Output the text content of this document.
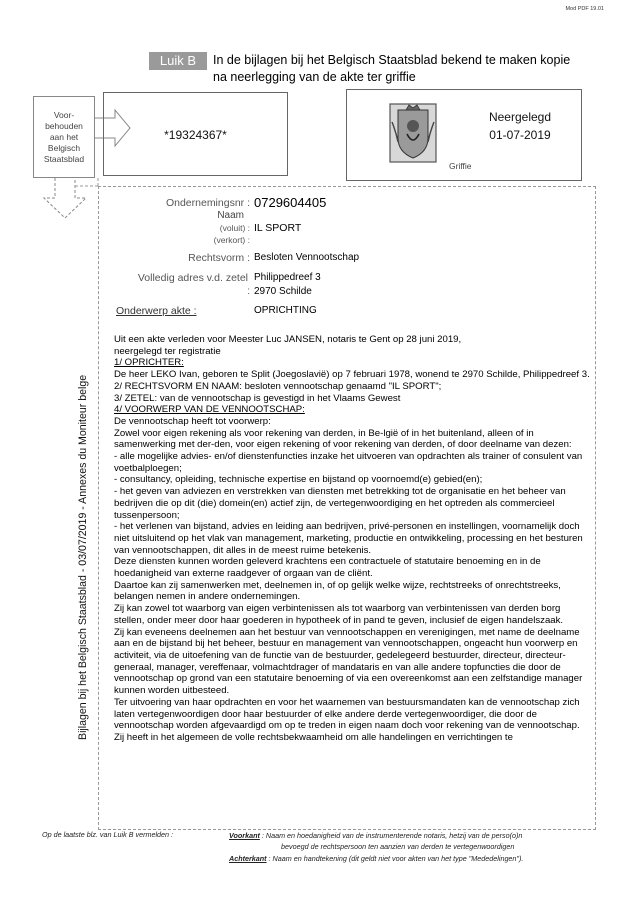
Mod PDF 19.01
Luik B	In de bijlagen bij het Belgisch Staatsblad bekend te maken kopie
na neerlegging van de akte ter griffie
Voor-
behouden
aan het
Belgisch
Staatsblad
*19324367*
Neergelegd
01-07-2019
Griffie
Bijlagen bij het Belgisch Staatsblad - 03/07/2019 - Annexes du Moniteur belge
Ondernemingsnr : 0729604405
Naam
(voluit) : IL SPORT
(verkort) :
Rechtsvorm : Besloten Vennootschap
Volledig adres v.d. zetel Philippedreef 3
: 2970 Schilde
Onderwerp akte :	OPRICHTING

Uit een akte verleden voor Meester Luc JANSEN, notaris te Gent op 28 juni 2019,

neergelegd ter registratie

1/ OPRICHTER:

De heer LEKO Ivan, geboren te Split (Joegoslavië) op 7 februari 1978, wonend te 2970 Schilde, Philippedreef 3.

2/ RECHTSVORM EN NAAM: besloten vennootschap genaamd "IL SPORT";

3/ ZETEL: van de vennootschap is gevestigd in het Vlaams Gewest

4/ VOORWERP VAN DE VENNOOTSCHAP:

De vennootschap heeft tot voorwerp:

Zowel voor eigen rekening als voor rekening van derden, in Be-lgië of in het buitenland, alleen of in samenwerking met der-den, voor eigen rekening of voor rekening van derden, of door deelname van dezen:

- alle mogelijke advies- en/of dienstenfuncties inzake het uitvoeren van opdrachten als trainer of consulent van voetbalploegen;

- consultancy, opleiding, technische expertise en bijstand op voornoemd(e) gebied(en);

- het geven van adviezen en verstrekken van diensten met betrekking tot de organisatie en het beheer van bedrijven die op dit (die) domein(en) actief zijn, de vertegenwoordiging en het optreden als commercieel tussenpersoon;

- het verlenen van bijstand, advies en leiding aan bedrijven, privé-personen en instellingen, voornamelijk doch niet uitsluitend op het vlak van management, marketing, productie en ontwikkeling, processing en het besturen van vennootschappen, dit alles in de meest ruime betekenis.

Deze diensten kunnen worden geleverd krachtens een contractuele of statutaire benoeming en in de hoedanigheid van externe raadgever of orgaan van de cliënt.

Daartoe kan zij samenwerken met, deelnemen in, of op gelijk welke wijze, rechtstreeks of onrechtstreeks, belangen nemen in andere ondernemingen.

Zij kan zowel tot waarborg van eigen verbintenissen als tot waarborg van verbintenissen van derden borg stellen, onder meer door haar goederen in hypotheek of in pand te geven, inclusief de eigen handelszaak.

Zij kan eveneens deelnemen aan het bestuur van vennootschappen en verenigingen, met name de deelname aan en de bijstand bij het beheer, bestuur en management van vennootschappen, ongeacht hun voorwerp en activiteit, via de uitoefening van de functie van de bestuurder, gedelegeerd bestuurder, directeur, directeur-generaal, manager, vereffenaar, volmachtdrager of mandataris en van alle andere topfuncties die door de vennootschap op grond van een statutaire benoeming of via een overeenkomst aan een zelfstandige manager kunnen worden uitbesteed.

Ter uitvoering van haar opdrachten en voor het waarnemen van bestuursmandaten kan de vennootschap zich laten vertegenwoordigen door haar bestuurder of elke andere derde vertegenwoordiger, die door de vennootschap worden afgevaardigd om op te treden in eigen naam doch voor rekening van de vennootschap.

Zij heeft in het algemeen de volle rechtsbekwaamheid om alle handelingen en verrichtingen te

Op de laatste blz. van Luik B vermelden :	Voorkant : Naam en hoedanigheid van de instrumenterende notaris, hetzij van de perso(o)n
bevoegd de rechtspersoon ten aanzien van derden te vertegenwoordigen
Achterkant : Naam en handtekening (dit geldt niet voor akten van het type "Mededelingen").
